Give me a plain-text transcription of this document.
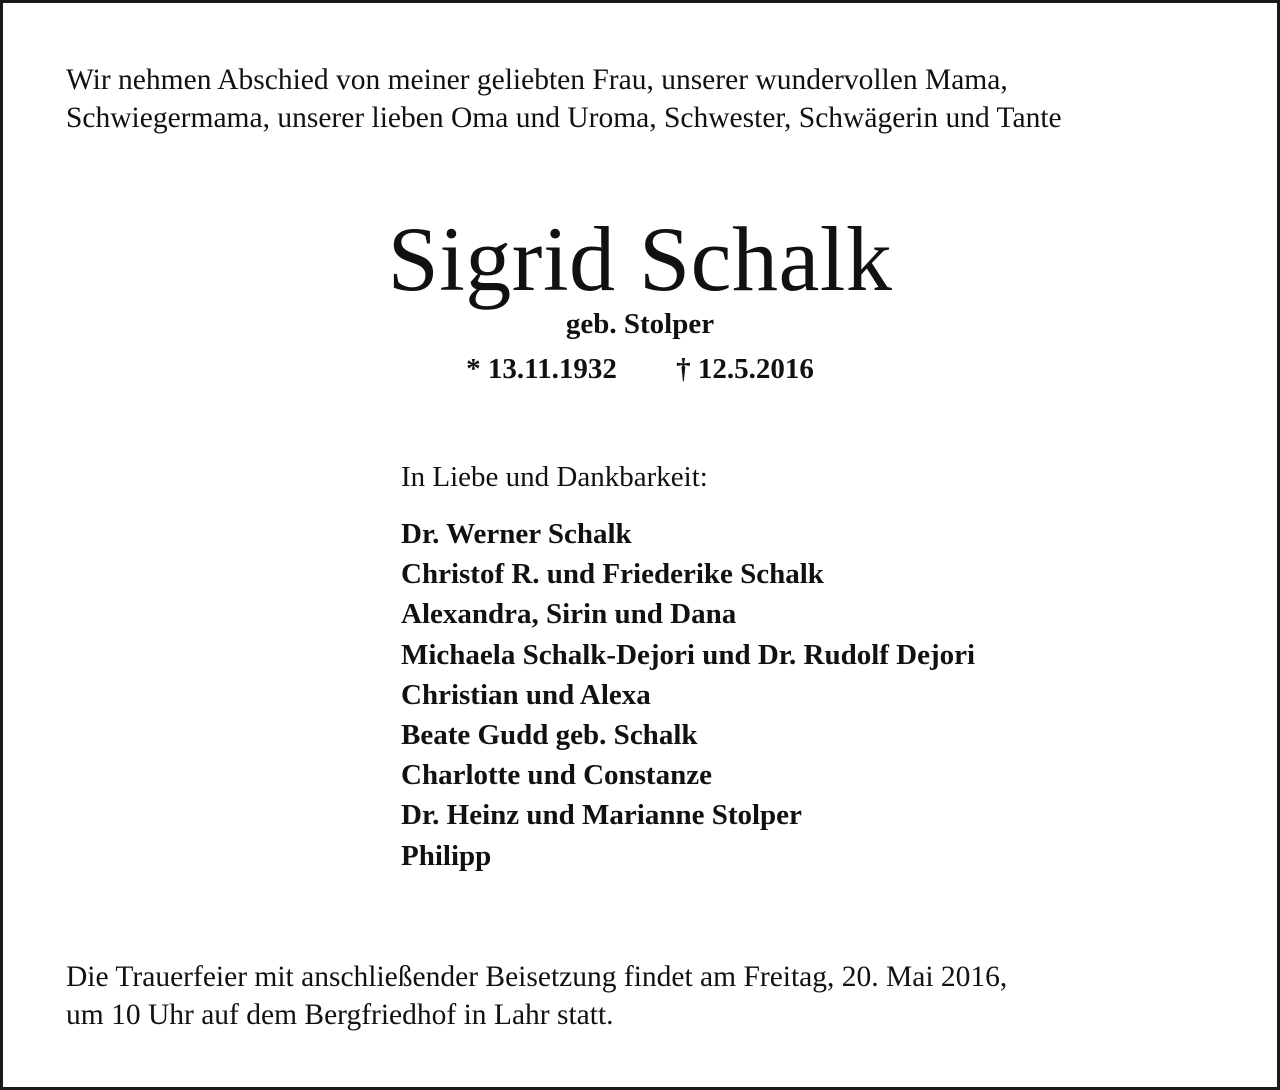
Wir nehmen Abschied von meiner geliebten Frau, unserer wundervollen Mama,
Schwiegermama, unserer lieben Oma und Uroma, Schwester, Schwägerin und Tante
Sigrid Schalk
geb. Stolper
* 13.11.1932 † 12.5.2016
In Liebe und Dankbarkeit:
Dr. Werner Schalk
Christof R. und Friederike Schalk
Alexandra, Sirin und Dana
Michaela Schalk-Dejori und Dr. Rudolf Dejori
Christian und Alexa
Beate Gudd geb. Schalk
Charlotte und Constanze
Dr. Heinz und Marianne Stolper
Philipp
Die Trauerfeier mit anschließender Beisetzung findet am Freitag, 20. Mai 2016,
um 10 Uhr auf dem Bergfriedhof in Lahr statt.
